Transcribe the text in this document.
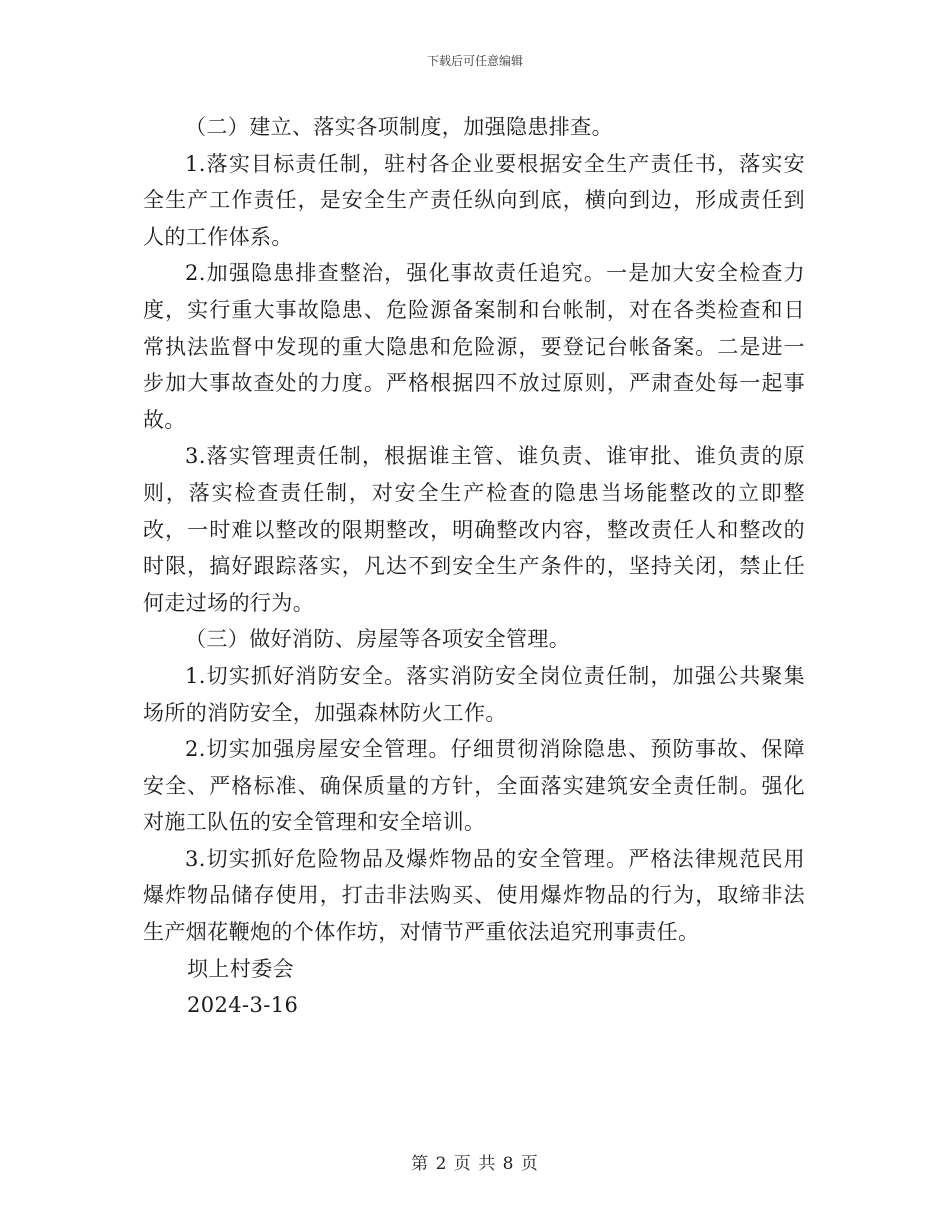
下载后可任意编辑

（二）建立、落实各项制度，加强隐患排查。

1.落实目标责任制，驻村各企业要根据安全生产责任书，落实安全生产工作责任，是安全生产责任纵向到底，横向到边，形成责任到人的工作体系。

2.加强隐患排查整治，强化事故责任追究。一是加大安全检查力度，实行重大事故隐患、危险源备案制和台帐制，对在各类检查和日常执法监督中发现的重大隐患和危险源，要登记台帐备案。二是进一步加大事故查处的力度。严格根据四不放过原则，严肃查处每一起事故。

3.落实管理责任制，根据谁主管、谁负责、谁审批、谁负责的原则，落实检查责任制，对安全生产检查的隐患当场能整改的立即整改，一时难以整改的限期整改，明确整改内容，整改责任人和整改的时限，搞好跟踪落实，凡达不到安全生产条件的，坚持关闭，禁止任何走过场的行为。

（三）做好消防、房屋等各项安全管理。

1.切实抓好消防安全。落实消防安全岗位责任制，加强公共聚集场所的消防安全，加强森林防火工作。

2.切实加强房屋安全管理。仔细贯彻消除隐患、预防事故、保障安全、严格标准、确保质量的方针，全面落实建筑安全责任制。强化对施工队伍的安全管理和安全培训。

3.切实抓好危险物品及爆炸物品的安全管理。严格法律规范民用爆炸物品储存使用，打击非法购买、使用爆炸物品的行为，取缔非法生产烟花鞭炮的个体作坊，对情节严重依法追究刑事责任。

坝上村委会

2024-3-16

第 2 页 共 8 页
